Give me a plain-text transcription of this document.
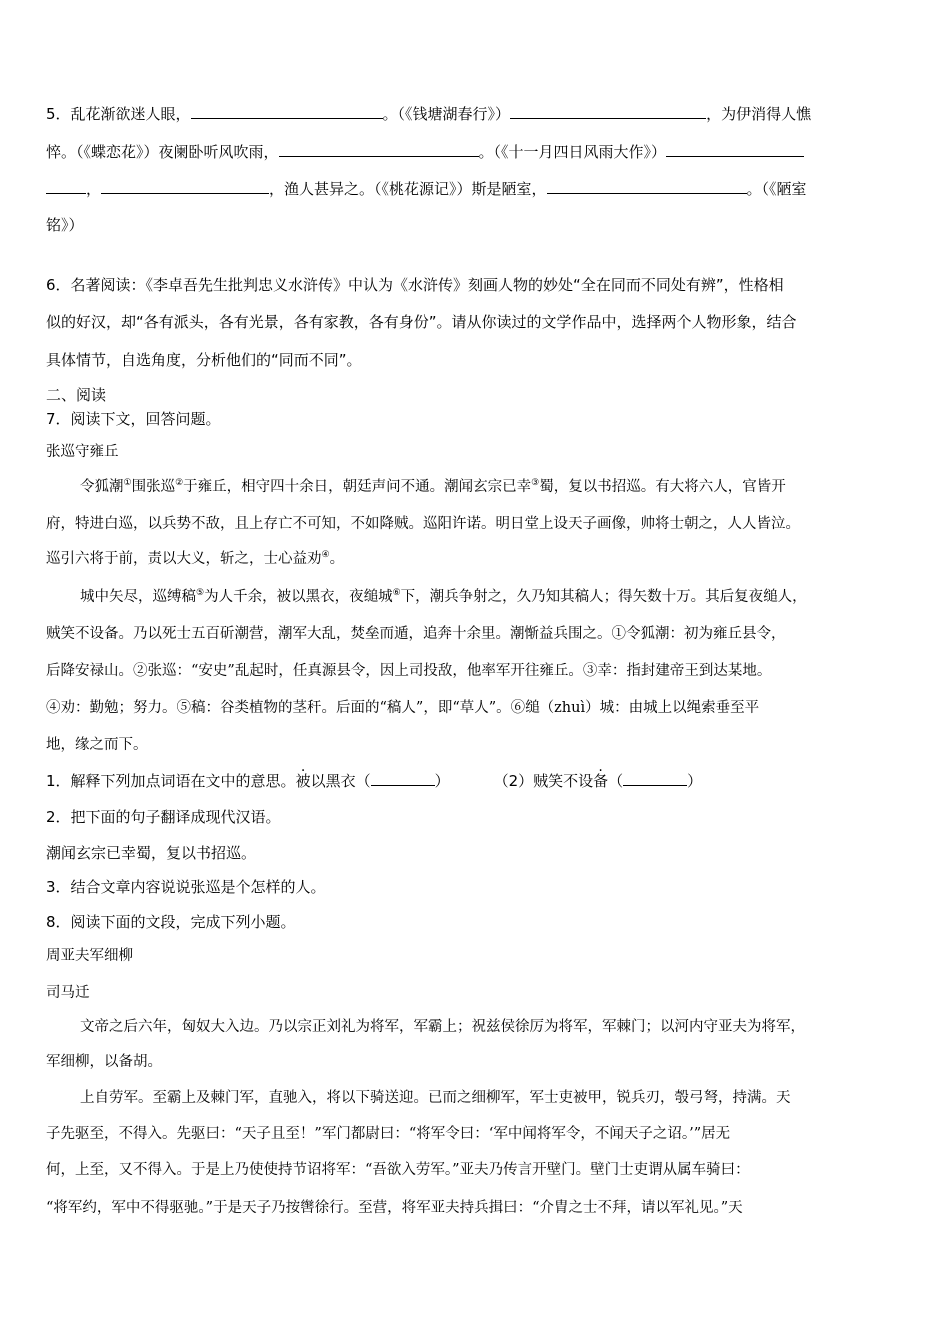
5．乱花渐欲迷人眼，	。（《钱塘湖春行》）	，为伊消得人憔
悴。（《蝶恋花》）夜阑卧听风吹雨，	。（《十一月四日风雨大作》）
，	，渔人甚异之。（《桃花源记》）斯是陋室，	。（《陋室
铭》）
6．名著阅读：《李卓吾先生批判忠义水浒传》中认为《水浒传》刻画人物的妙处“全在同而不同处有辨”，性格相
似的好汉，却“各有派头，各有光景，各有家教，各有身份”。请从你读过的文学作品中，选择两个人物形象，结合
具体情节，自选角度，分析他们的“同而不同”。
二、阅读
7．阅读下文，回答问题。
张巡守雍丘
令狐潮①围张巡②于雍丘，相守四十余日，朝廷声问不通。潮闻玄宗已幸③蜀，复以书招巡。有大将六人，官皆开
府，特进白巡，以兵势不敌，且上存亡不可知，不如降贼。巡阳许诺。明日堂上设天子画像，帅将士朝之，人人皆泣。
巡引六将于前，责以大义，斩之，士心益劝④。
城中矢尽，巡缚稿⑤为人千余，被以黑衣，夜缒城⑥下，潮兵争射之，久乃知其稿人；得矢数十万。其后复夜缒人，
贼笑不设备。乃以死士五百斫潮营，潮军大乱，焚垒而遁，追奔十余里。潮惭益兵围之。①令狐潮：初为雍丘县令，
后降安禄山。②张巡：“安史”乱起时，任真源县令，因上司投敌，他率军开往雍丘。③幸：指封建帝王到达某地。
④劝：勤勉；努力。⑤稿：谷类植物的茎秆。后面的“稿人”，即“草人”。⑥缒（zhuì）城：由城上以绳索垂至平
地，缘之而下。
1．解释下列加点词语在文中的意思。被以黑衣（	）	（2）贼笑不设备（	）
2．把下面的句子翻译成现代汉语。
潮闻玄宗已幸蜀，复以书招巡。
3．结合文章内容说说张巡是个怎样的人。
8．阅读下面的文段，完成下列小题。
周亚夫军细柳
司马迁
文帝之后六年，匈奴大入边。乃以宗正刘礼为将军，军霸上；祝兹侯徐厉为将军，军棘门；以河内守亚夫为将军，
军细柳，以备胡。
上自劳军。至霸上及棘门军，直驰入，将以下骑送迎。已而之细柳军，军士吏被甲，锐兵刃，彀弓弩，持满。天
子先驱至，不得入。先驱曰：“天子且至！”军门都尉曰：“将军令曰：‘军中闻将军令，不闻天子之诏。’”居无
何，上至，又不得入。于是上乃使使持节诏将军：“吾欲入劳军。”亚夫乃传言开壁门。壁门士吏谓从属车骑曰：
“将军约，军中不得驱驰。”于是天子乃按辔徐行。至营，将军亚夫持兵揖曰：“介胄之士不拜，请以军礼见。”天
